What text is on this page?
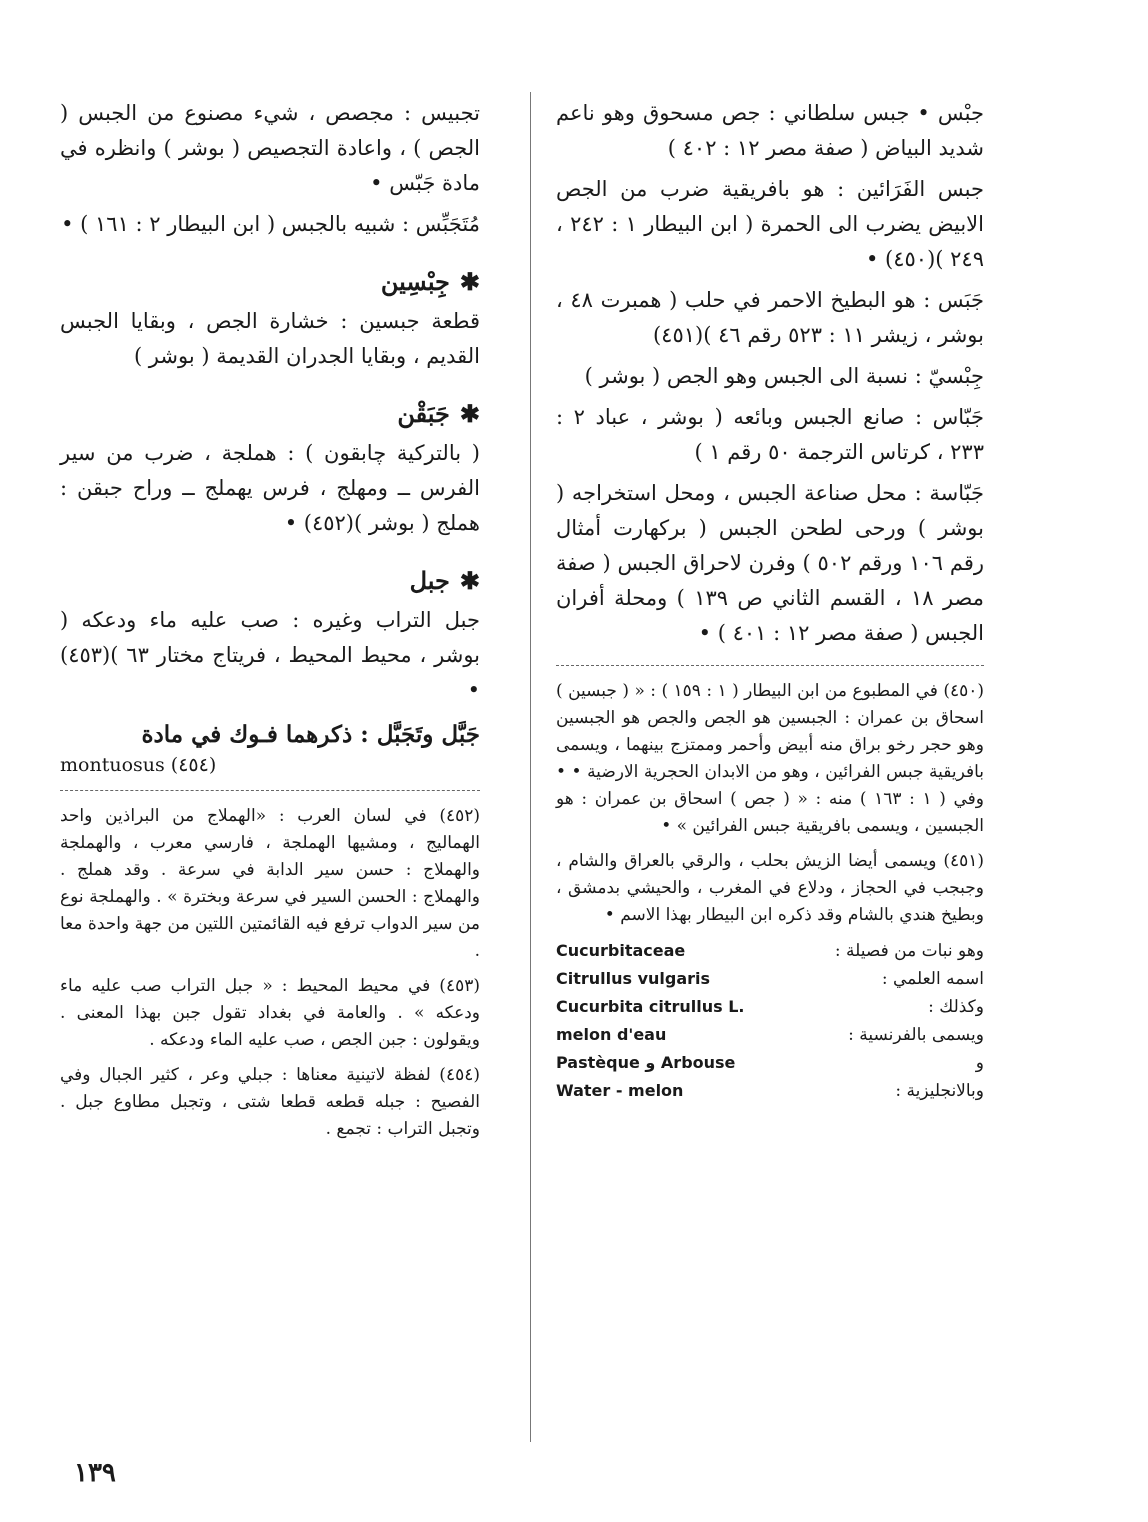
جبْس • جبس سلطاني : جص مسحوق وهو ناعم شديد البياض ( صفة مصر ١٢ : ٤٠٢ )

جبس الفَرَائين : هو بافريقية ضرب من الجص الابيض يضرب الى الحمرة ( ابن البيطار ١ : ٢٤٢ ، ٢٤٩ )(٤٥٠) •

جَبَس : هو البطيخ الاحمر في حلب ( همبرت ٤٨ ، بوشر ، زيشر ١١ : ٥٢٣ رقم ٤٦ )(٤٥١)

جِبْسيّ : نسبة الى الجبس وهو الجص ( بوشر )

جَبّاس : صانع الجبس وبائعه ( بوشر ، عباد ٢ : ٢٣٣ ، كرتاس الترجمة ٥٠ رقم ١ )

جَبّاسة : محل صناعة الجبس ، ومحل استخراجه ( بوشر ) ورحى لطحن الجبس ( بركهارت أمثال رقم ١٠٦ ورقم ٥٠٢ ) وفرن لاحراق الجبس ( صفة مصر ١٨ ، القسم الثاني ص ١٣٩ ) ومحلة أفران الجبس ( صفة مصر ١٢ : ٤٠١ ) •

(٤٥٠) في المطبوع من ابن البيطار ( ١ : ١٥٩ ) : « ( جبسين ) اسحاق بن عمران : الجبسين هو الجص والجص هو الجبسين وهو حجر رخو براق منه أبيض وأحمر وممتزج بينهما ، ويسمى بافريقية جبس الفرائين ، وهو من الابدان الحجرية الارضية • • وفي ( ١ : ١٦٣ ) منه : « ( جص ) اسحاق بن عمران : هو الجبسين ، ويسمى بافريقية جبس الفرائين » •

(٤٥١) ويسمى أيضا الزيش بحلب ، والرقي بالعراق والشام ، وجبجب في الحجاز ، ودلاع في المغرب ، والحيشي بدمشق ، وبطيخ هندي بالشام وقد ذكره ابن البيطار بهذا الاسم •

وهو نبات من فصيلة :
Cucurbitaceae
اسمه العلمي :
Citrullus vulgaris
وكذلك :
Cucurbita citrullus L.
ويسمى بالفرنسية :
melon d'eau
و
Pastèque و Arbouse
وبالانجليزية :
Water - melon

تجبيس : مجصص ، شيء مصنوع من الجبس ( الجص ) ، واعادة التجصيص ( بوشر ) وانظره في مادة جَبّس •

مُتَجَبِّس : شبيه بالجبس ( ابن البيطار ٢ : ١٦١ ) •

✱جِبْسِين

قطعة جبسين : خشارة الجص ، وبقايا الجبس القديم ، وبقايا الجدران القديمة ( بوشر )

✱جَبَقْن

( بالتركية چابقون ) : هملجة ، ضرب من سير الفرس ــ ومهلج ، فرس يهملج ــ وراح جبقن : هملج ( بوشر )(٤٥٢) •

✱جبل

جبل التراب وغيره : صب عليه ماء ودعكه ( بوشر ، محيط المحيط ، فريتاج مختار ٦٣ )(٤٥٣) •

جَبَّل وتَجَبَّل : ذكرهما فـوك في مادة

montuosus (٤٥٤)

(٤٥٢) في لسان العرب : «الهملاج من البراذين واحد الهماليج ، ومشيها الهملجة ، فارسي معرب ، والهملجة والهملاج : حسن سير الدابة في سرعة . وقد هملج . والهملاج : الحسن السير في سرعة وبخترة » . والهملجة نوع من سير الدواب ترفع فيه القائمتين اللتين من جهة واحدة معا .

(٤٥٣) في محيط المحيط : « جبل التراب صب عليه ماء ودعكه » . والعامة في بغداد تقول جبن بهذا المعنى . ويقولون : جبن الجص ، صب عليه الماء ودعكه .

(٤٥٤) لفظة لاتينية معناها : جبلي وعر ، كثير الجبال وفي الفصيح : جبله قطعه قطعا شتى ، وتجبل مطاوع جبل . وتجبل التراب : تجمع .

١٣٩
